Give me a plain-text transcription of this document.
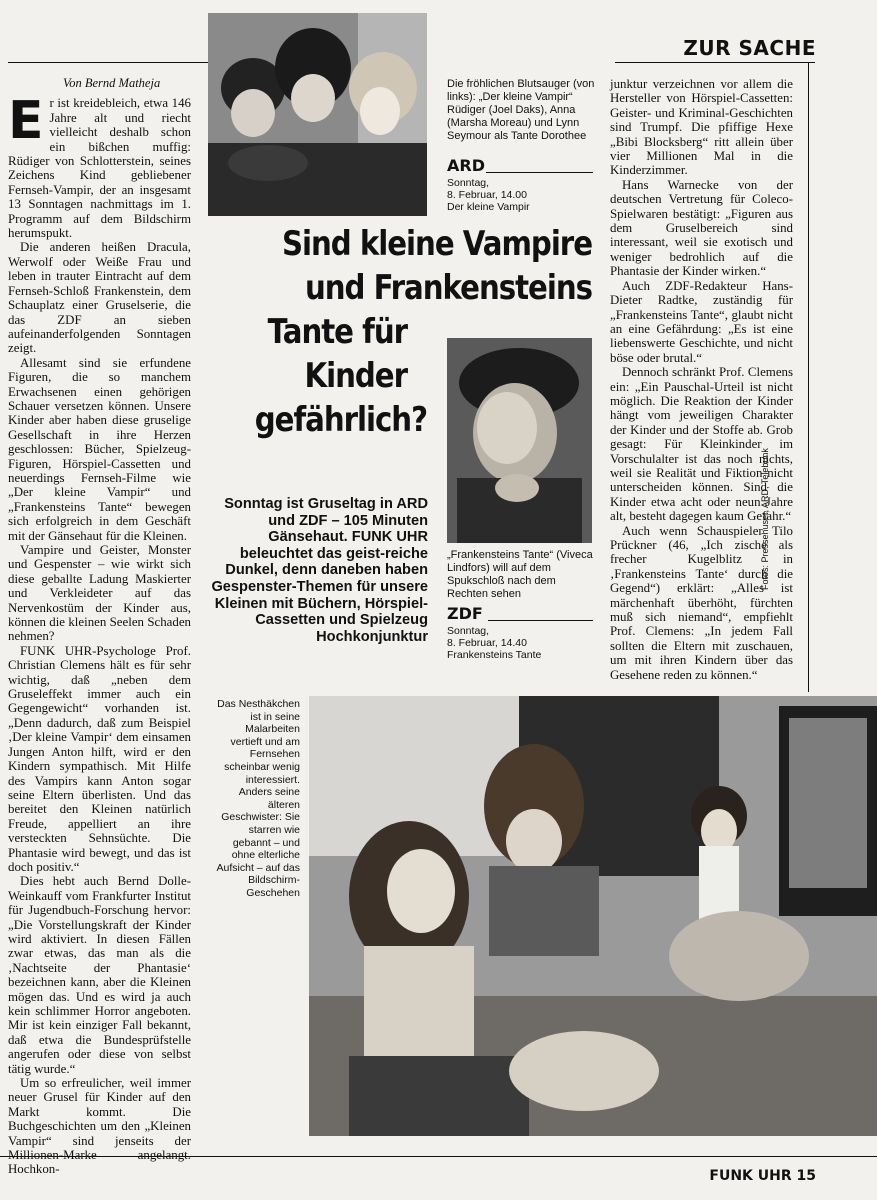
ZUR SACHE
Die fröhlichen Blutsauger (von links): „Der kleine Vampir“ Rüdiger (Joel Daks), Anna (Marsha Moreau) und Lynn Seymour als Tante Dorothee
ARD
Sonntag,
8. Februar, 14.00
Der kleine Vampir
Von Bernd Matheja

Er ist kreidebleich, etwa 146 Jahre alt und riecht vielleicht deshalb schon ein bißchen muffig: Rüdiger von Schlotterstein, seines Zeichens Kind gebliebener Fernseh-Vampir, der an insgesamt 13 Sonntagen nachmittags im 1. Programm auf dem Bildschirm herumspukt.

Die anderen heißen Dracula, Werwolf oder Weiße Frau und leben in trauter Eintracht auf dem Fernseh-Schloß Frankenstein, dem Schauplatz einer Gruselserie, die das ZDF an sieben aufeinanderfolgenden Sonntagen zeigt.

Allesamt sind sie erfundene Figuren, die so manchem Erwachsenen einen gehörigen Schauer versetzen können. Unsere Kinder aber haben diese gruselige Gesellschaft in ihre Herzen geschlossen: Bücher, Spielzeug-Figuren, Hörspiel-Cassetten und neuerdings Fernseh-Filme wie „Der kleine Vampir“ und „Frankensteins Tante“ bewegen sich erfolgreich in dem Geschäft mit der Gänsehaut für die Kleinen.

Vampire und Geister, Monster und Gespenster – wie wirkt sich diese geballte Ladung Maskierter und Verkleideter auf das Nervenkostüm der Kinder aus, können die kleinen Seelen Schaden nehmen?

FUNK UHR-Psychologe Prof. Christian Clemens hält es für sehr wichtig, daß „neben dem Gruseleffekt immer auch ein Gegengewicht“ vorhanden ist. „Denn dadurch, daß zum Beispiel ‚Der kleine Vampir‘ dem einsamen Jungen Anton hilft, wird er den Kindern sympathisch. Mit Hilfe des Vampirs kann Anton sogar seine Eltern überlisten. Und das bereitet den Kleinen natürlich Freude, appelliert an ihre versteckten Sehnsüchte. Die Phantasie wird bewegt, und das ist doch positiv.“

Dies hebt auch Bernd Dolle-Weinkauff vom Frankfurter Institut für Jugendbuch-Forschung hervor: „Die Vorstellungskraft der Kinder wird aktiviert. In diesen Fällen zwar etwas, das man als die ‚Nachtseite der Phantasie‘ bezeichnen kann, aber die Kleinen mögen das. Und es wird ja auch kein schlimmer Horror angeboten. Mir ist kein einziger Fall bekannt, daß etwa die Bundesprüfstelle angerufen oder diese von selbst tätig wurde.“

Um so erfreulicher, weil immer neuer Grusel für Kinder auf den Markt kommt. Die Buchgeschichten um den „Kleinen Vampir“ sind jenseits der Hochkon-

Sind kleine Vampire
und Frankensteins
Tante für
Kinder
gefährlich?
„Frankensteins Tante“ (Viveca Lindfors) will auf dem Spukschloß nach dem Rechten sehen
ZDF
Sonntag,
8. Februar, 14.40
Frankensteins Tante
Sonntag ist Gruseltag in ARD und ZDF – 105 Minuten Gänsehaut. FUNK UHR beleuchtet das geist-reiche Dunkel, denn daneben haben Gespenster-Themen für unsere Kleinen mit Büchern, Hörspiel-Cassetten und Spielzeug Hochkonjunktur

junktur verzeichnen vor allem die Hersteller von Hörspiel-Cassetten: Geister- und Kriminal-Geschichten sind Trumpf. Die pfiffige Hexe „Bibi Blocksberg“ ritt allein über vier Millionen Mal in die Kinderzimmer.

Hans Warnecke von der deutschen Vertretung für Coleco-Spielwaren bestätigt: „Figuren aus dem Gruselbereich sind interessant, weil sie exotisch und weniger bedrohlich auf die Phantasie der Kinder wirken.“

Auch ZDF-Redakteur Hans-Dieter Radtke, zuständig für „Frankensteins Tante“, glaubt nicht an eine Gefährdung: „Es ist eine liebenswerte Geschichte, und nicht böse oder brutal.“

Dennoch schränkt Prof. Clemens ein: „Ein Pauschal-Urteil ist nicht möglich. Die Reaktion der Kinder hängt vom jeweiligen Charakter der Kinder und der Stoffe ab. Grob gesagt: Für Kleinkinder im Vorschulalter ist das noch nichts, weil sie Realität und Fiktion nicht unterscheiden können. Sind die Kinder etwa acht oder neun Jahre alt, besteht dagegen kaum Gefahr.“

Auch wenn Schauspieler Tilo Prückner (46, „Ich zische als frecher Kugelblitz in ‚Frankensteins Tante‘ durch die Gegend“) erklärt: „Alles ist märchenhaft überhöht, fürchten muß sich niemand“, empfiehlt Prof. Clemens: „In jedem Fall sollten die Eltern mit zuschauen, um mit ihren Kindern über das Gesehene reden zu können.“

Fotos: Pressehuset, ARD, Telebunk
Das Nesthäkchen ist in seine Malarbeiten vertieft und am Fernsehen scheinbar wenig interessiert. Anders seine älteren Geschwister: Sie starren wie gebannt – und ohne elterliche Aufsicht – auf das Bildschirm-Geschehen
FUNK UHR 15
